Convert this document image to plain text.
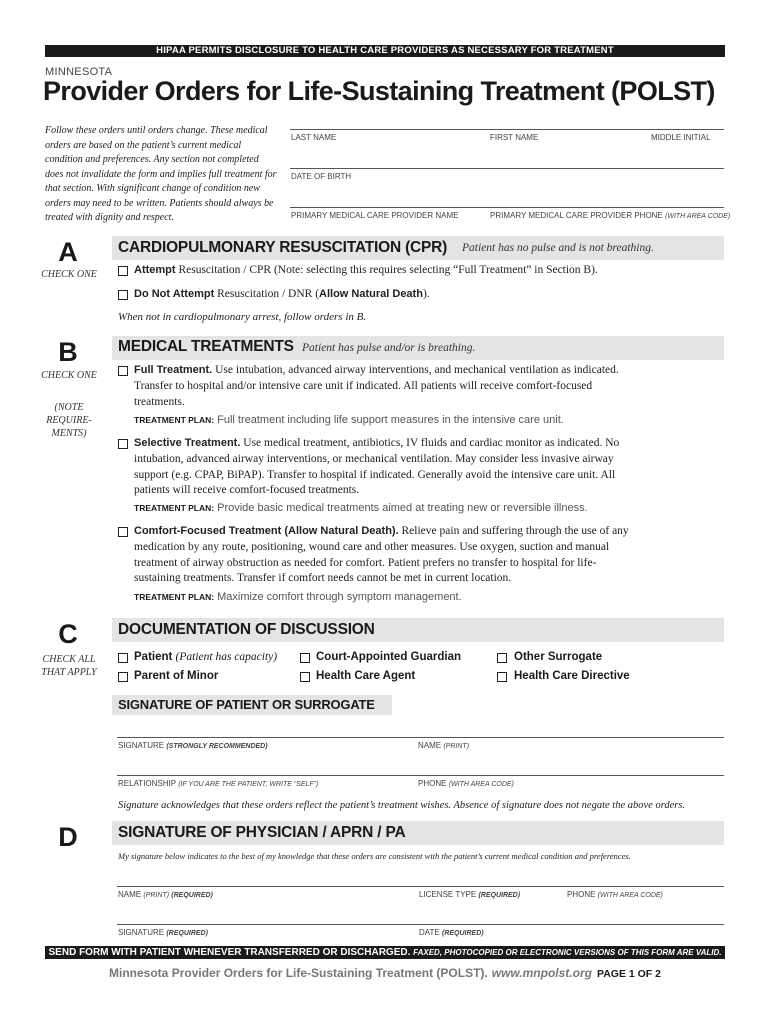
HIPAA PERMITS DISCLOSURE TO HEALTH CARE PROVIDERS AS NECESSARY FOR TREATMENT
MINNESOTA
Provider Orders for Life-Sustaining Treatment (POLST)
Follow these orders until orders change. These medical orders are based on the patient’s current medical condition and preferences. Any section not completed does not invalidate the form and implies full treatment for that section. With significant change of condition new orders may need to be written. Patients should always be treated with dignity and respect.
LAST NAME	FIRST NAME	MIDDLE INITIAL
DATE OF BIRTH
PRIMARY MEDICAL CARE PROVIDER NAME	PRIMARY MEDICAL CARE PROVIDER PHONE (WITH AREA CODE)
A
CHECK ONE
CARDIOPULMONARY RESUSCITATION (CPR) Patient has no pulse and is not breathing.
Attempt Resuscitation / CPR (Note: selecting this requires selecting “Full Treatment” in Section B).
Do Not Attempt Resuscitation / DNR (Allow Natural Death).
When not in cardiopulmonary arrest, follow orders in B.
B
CHECK ONE
(NOTE REQUIRE-MENTS)
MEDICAL TREATMENTS Patient has pulse and/or is breathing.
Full Treatment. Use intubation, advanced airway interventions, and mechanical ventilation as indicated. Transfer to hospital and/or intensive care unit if indicated. All patients will receive comfort-focused treatments.
TREATMENT PLAN: Full treatment including life support measures in the intensive care unit.
Selective Treatment. Use medical treatment, antibiotics, IV fluids and cardiac monitor as indicated. No intubation, advanced airway interventions, or mechanical ventilation. May consider less invasive airway support (e.g. CPAP, BiPAP). Transfer to hospital if indicated. Generally avoid the intensive care unit. All patients will receive comfort-focused treatments.
TREATMENT PLAN: Provide basic medical treatments aimed at treating new or reversible illness.
Comfort-Focused Treatment (Allow Natural Death). Relieve pain and suffering through the use of any medication by any route, positioning, wound care and other measures. Use oxygen, suction and manual treatment of airway obstruction as needed for comfort. Patient prefers no transfer to hospital for life-sustaining treatments. Transfer if comfort needs cannot be met in current location.
TREATMENT PLAN: Maximize comfort through symptom management.
C
CHECK ALL THAT APPLY
DOCUMENTATION OF DISCUSSION
Patient (Patient has capacity)	Court-Appointed Guardian	Other Surrogate
Parent of Minor	Health Care Agent	Health Care Directive
SIGNATURE OF PATIENT OR SURROGATE
SIGNATURE (STRONGLY RECOMMENDED)	NAME (PRINT)
RELATIONSHIP (IF YOU ARE THE PATIENT, WRITE “SELF”)	PHONE (WITH AREA CODE)
Signature acknowledges that these orders reflect the patient’s treatment wishes. Absence of signature does not negate the above orders.
D	SIGNATURE OF PHYSICIAN / APRN / PA
My signature below indicates to the best of my knowledge that these orders are consistent with the patient’s current medical condition and preferences.
NAME (PRINT) (REQUIRED)	LICENSE TYPE (REQUIRED)	PHONE (WITH AREA CODE)
SIGNATURE (REQUIRED)	DATE (REQUIRED)
SEND FORM WITH PATIENT WHENEVER TRANSFERRED OR DISCHARGED. FAXED, PHOTOCOPIED OR ELECTRONIC VERSIONS OF THIS FORM ARE VALID.
Minnesota Provider Orders for Life-Sustaining Treatment (POLST). www.mnpolst.org PAGE 1 OF 2
